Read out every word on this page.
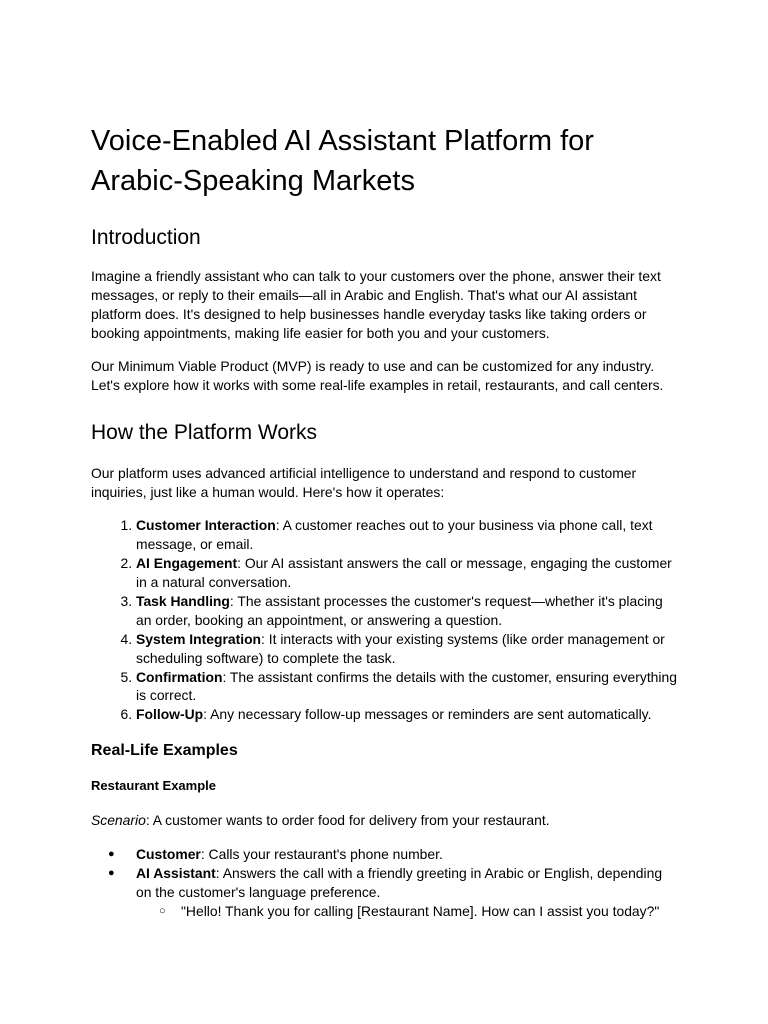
Voice-Enabled AI Assistant Platform for Arabic-Speaking Markets
Introduction

Imagine a friendly assistant who can talk to your customers over the phone, answer their text messages, or reply to their emails—all in Arabic and English. That's what our AI assistant platform does. It's designed to help businesses handle everyday tasks like taking orders or booking appointments, making life easier for both you and your customers.

Our Minimum Viable Product (MVP) is ready to use and can be customized for any industry. Let's explore how it works with some real-life examples in retail, restaurants, and call centers.

How the Platform Works

Our platform uses advanced artificial intelligence to understand and respond to customer inquiries, just like a human would. Here's how it operates:

1. Customer Interaction: A customer reaches out to your business via phone call, text message, or email.
2. AI Engagement: Our AI assistant answers the call or message, engaging the customer in a natural conversation.
3. Task Handling: The assistant processes the customer's request—whether it's placing an order, booking an appointment, or answering a question.
4. System Integration: It interacts with your existing systems (like order management or scheduling software) to complete the task.
5. Confirmation: The assistant confirms the details with the customer, ensuring everything is correct.
6. Follow-Up: Any necessary follow-up messages or reminders are sent automatically.
Real-Life Examples
Restaurant Example

Scenario: A customer wants to order food for delivery from your restaurant.

● Customer: Calls your restaurant's phone number.
● AI Assistant: Answers the call with a friendly greeting in Arabic or English, depending on the customer's language preference.
○ "Hello! Thank you for calling [Restaurant Name]. How can I assist you today?"
